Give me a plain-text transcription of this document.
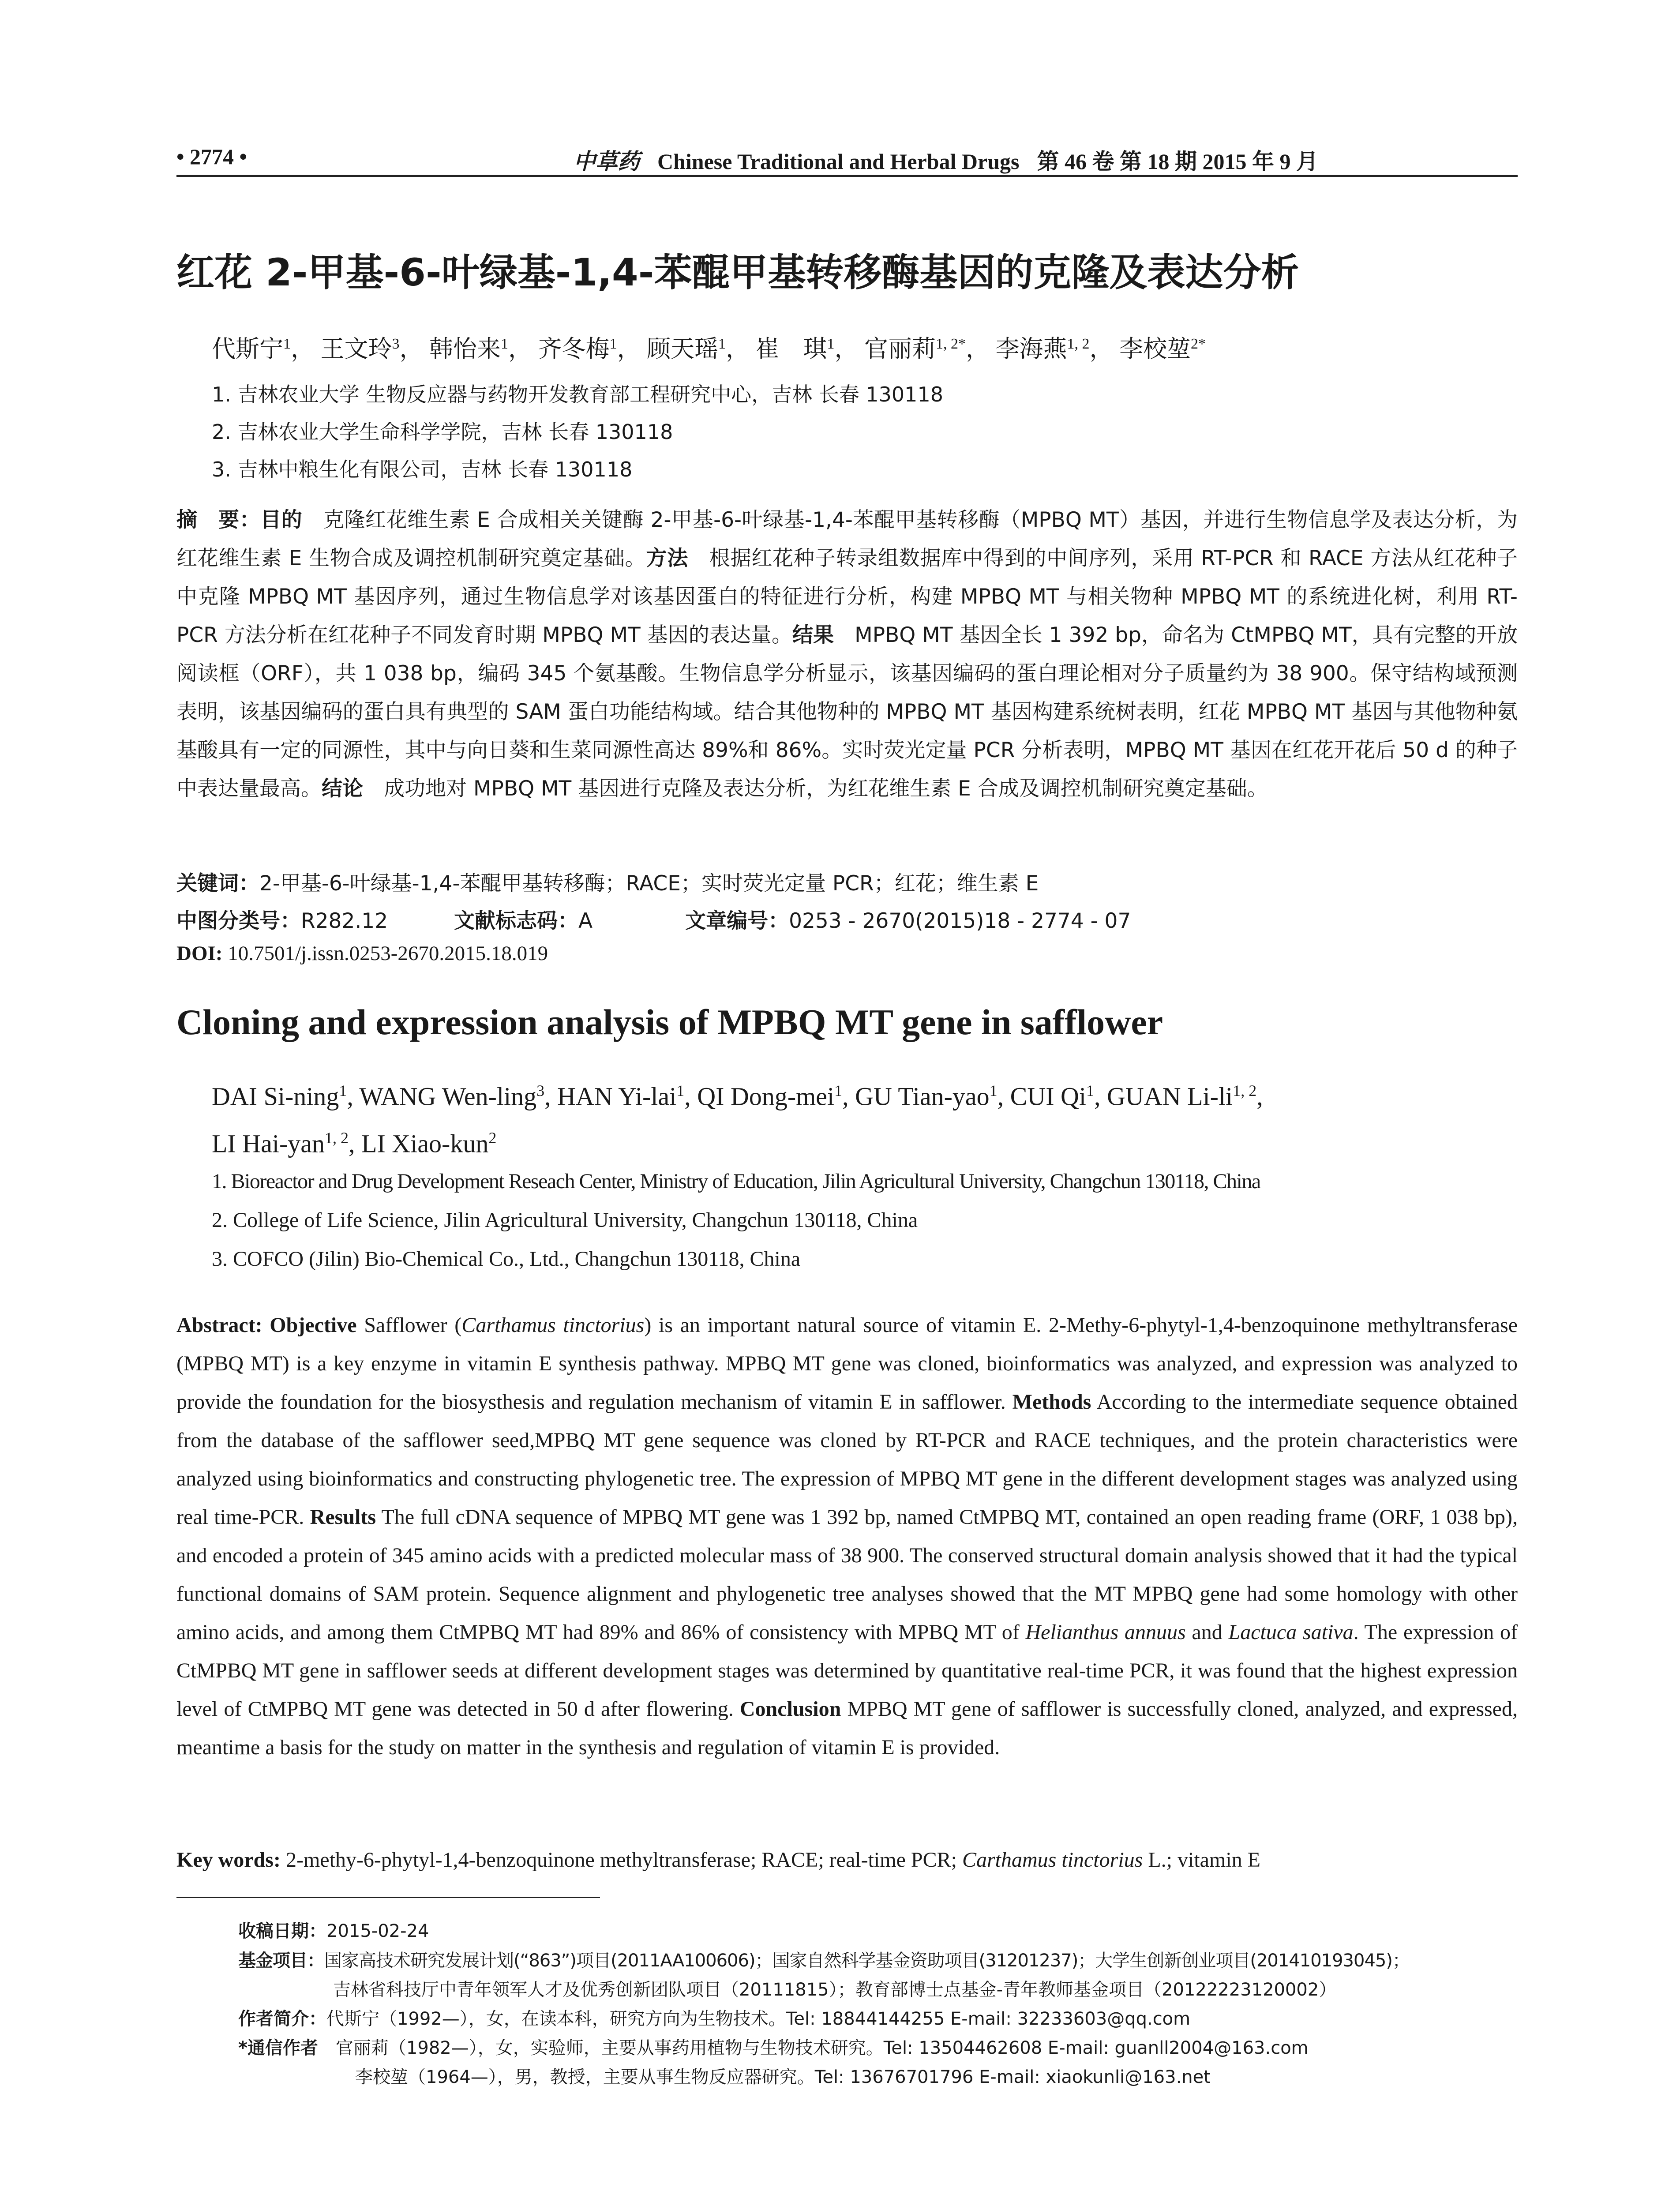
• 2774 •	中草药 Chinese Traditional and Herbal Drugs 第 46 卷 第 18 期 2015 年 9 月
红花 2-甲基-6-叶绿基-1,4-苯醌甲基转移酶基因的克隆及表达分析
代斯宁$^1$， 王文玲$^3$， 韩怡来$^1$， 齐冬梅$^1$， 顾天瑶$^1$， 崔　琪$^1$， 官丽莉$^{1, 2*}$， 李海燕$^{1, 2}$， 李校堃$^{2*}$
1. 吉林农业大学 生物反应器与药物开发教育部工程研究中心，吉林 长春 130118
2. 吉林农业大学生命科学学院，吉林 长春 130118
3. 吉林中粮生化有限公司，吉林 长春 130118
摘　要：目的　克隆红花维生素 E 合成相关关键酶 2-甲基-6-叶绿基-1,4-苯醌甲基转移酶（MPBQ MT）基因，并进行生物信息学及表达分析，为红花维生素 E 生物合成及调控机制研究奠定基础。方法　根据红花种子转录组数据库中得到的中间序列，采用 RT-PCR 和 RACE 方法从红花种子中克隆 MPBQ MT 基因序列，通过生物信息学对该基因蛋白的特征进行分析，构建 MPBQ MT 与相关物种 MPBQ MT 的系统进化树，利用 RT-PCR 方法分析在红花种子不同发育时期 MPBQ MT 基因的表达量。结果　MPBQ MT 基因全长 1 392 bp，命名为 CtMPBQ MT，具有完整的开放阅读框（ORF），共 1 038 bp，编码 345 个氨基酸。生物信息学分析显示，该基因编码的蛋白理论相对分子质量约为 38 900。保守结构域预测表明，该基因编码的蛋白具有典型的 SAM 蛋白功能结构域。结合其他物种的 MPBQ MT 基因构建系统树表明，红花 MPBQ MT 基因与其他物种氨基酸具有一定的同源性，其中与向日葵和生菜同源性高达 89%和 86%。实时荧光定量 PCR 分析表明，MPBQ MT 基因在红花开花后 50 d 的种子中表达量最高。结论　成功地对 MPBQ MT 基因进行克隆及表达分析，为红花维生素 E 合成及调控机制研究奠定基础。
关键词：2-甲基-6-叶绿基-1,4-苯醌甲基转移酶；RACE；实时荧光定量 PCR；红花；维生素 E
中图分类号：R282.12	文献标志码：A	文章编号：0253 - 2670(2015)18 - 2774 - 07
DOI: 10.7501/j.issn.0253-2670.2015.18.019
Cloning and expression analysis of MPBQ MT gene in safflower
DAI Si-ning$^1$, WANG Wen-ling$^3$, HAN Yi-lai$^1$, QI Dong-mei$^1$, GU Tian-yao$^1$, CUI Qi$^1$, GUAN Li-li$^{1, 2}$,
LI Hai-yan$^{1, 2}$, LI Xiao-kun$^2$
1. Bioreactor and Drug Development Reseach Center, Ministry of Education, Jilin Agricultural University, Changchun 130118, China
2. College of Life Science, Jilin Agricultural University, Changchun 130118, China
3. COFCO (Jilin) Bio-Chemical Co., Ltd., Changchun 130118, China
Abstract: Objective Safflower (Carthamus tinctorius) is an important natural source of vitamin E. 2-Methy-6-phytyl-1,4-benzoquinone methyltransferase (MPBQ MT) is a key enzyme in vitamin E synthesis pathway. MPBQ MT gene was cloned, bioinformatics was analyzed, and expression was analyzed to provide the foundation for the biosysthesis and regulation mechanism of vitamin E in safflower. Methods According to the intermediate sequence obtained from the database of the safflower seed,MPBQ MT gene sequence was cloned by RT-PCR and RACE techniques, and the protein characteristics were analyzed using bioinformatics and constructing phylogenetic tree. The expression of MPBQ MT gene in the different development stages was analyzed using real time-PCR. Results The full cDNA sequence of MPBQ MT gene was 1 392 bp, named CtMPBQ MT, contained an open reading frame (ORF, 1 038 bp), and encoded a protein of 345 amino acids with a predicted molecular mass of 38 900. The conserved structural domain analysis showed that it had the typical functional domains of SAM protein. Sequence alignment and phylogenetic tree analyses showed that the MT MPBQ gene had some homology with other amino acids, and among them CtMPBQ MT had 89% and 86% of consistency with MPBQ MT of Helianthus annuus and Lactuca sativa. The expression of CtMPBQ MT gene in safflower seeds at different development stages was determined by quantitative real-time PCR, it was found that the highest expression level of CtMPBQ MT gene was detected in 50 d after flowering. Conclusion MPBQ MT gene of safflower is successfully cloned, analyzed, and expressed, meantime a basis for the study on matter in the synthesis and regulation of vitamin E is provided.
Key words: 2-methy-6-phytyl-1,4-benzoquinone methyltransferase; RACE; real-time PCR; Carthamus tinctorius L.; vitamin E
收稿日期：2015-02-24
基金项目：国家高技术研究发展计划(“863”)项目(2011AA100606)；国家自然科学基金资助项目(31201237)；大学生创新创业项目(201410193045)；
吉林省科技厅中青年领军人才及优秀创新团队项目（20111815）；教育部博士点基金-青年教师基金项目（20122223120002）
作者简介：代斯宁（1992—），女，在读本科，研究方向为生物技术。Tel: 18844144255 E-mail: 32233603@qq.com
*通信作者 官丽莉（1982—），女，实验师，主要从事药用植物与生物技术研究。Tel: 13504462608 E-mail: guanll2004@163.com
李校堃（1964—），男，教授，主要从事生物反应器研究。Tel: 13676701796 E-mail: xiaokunli@163.net
